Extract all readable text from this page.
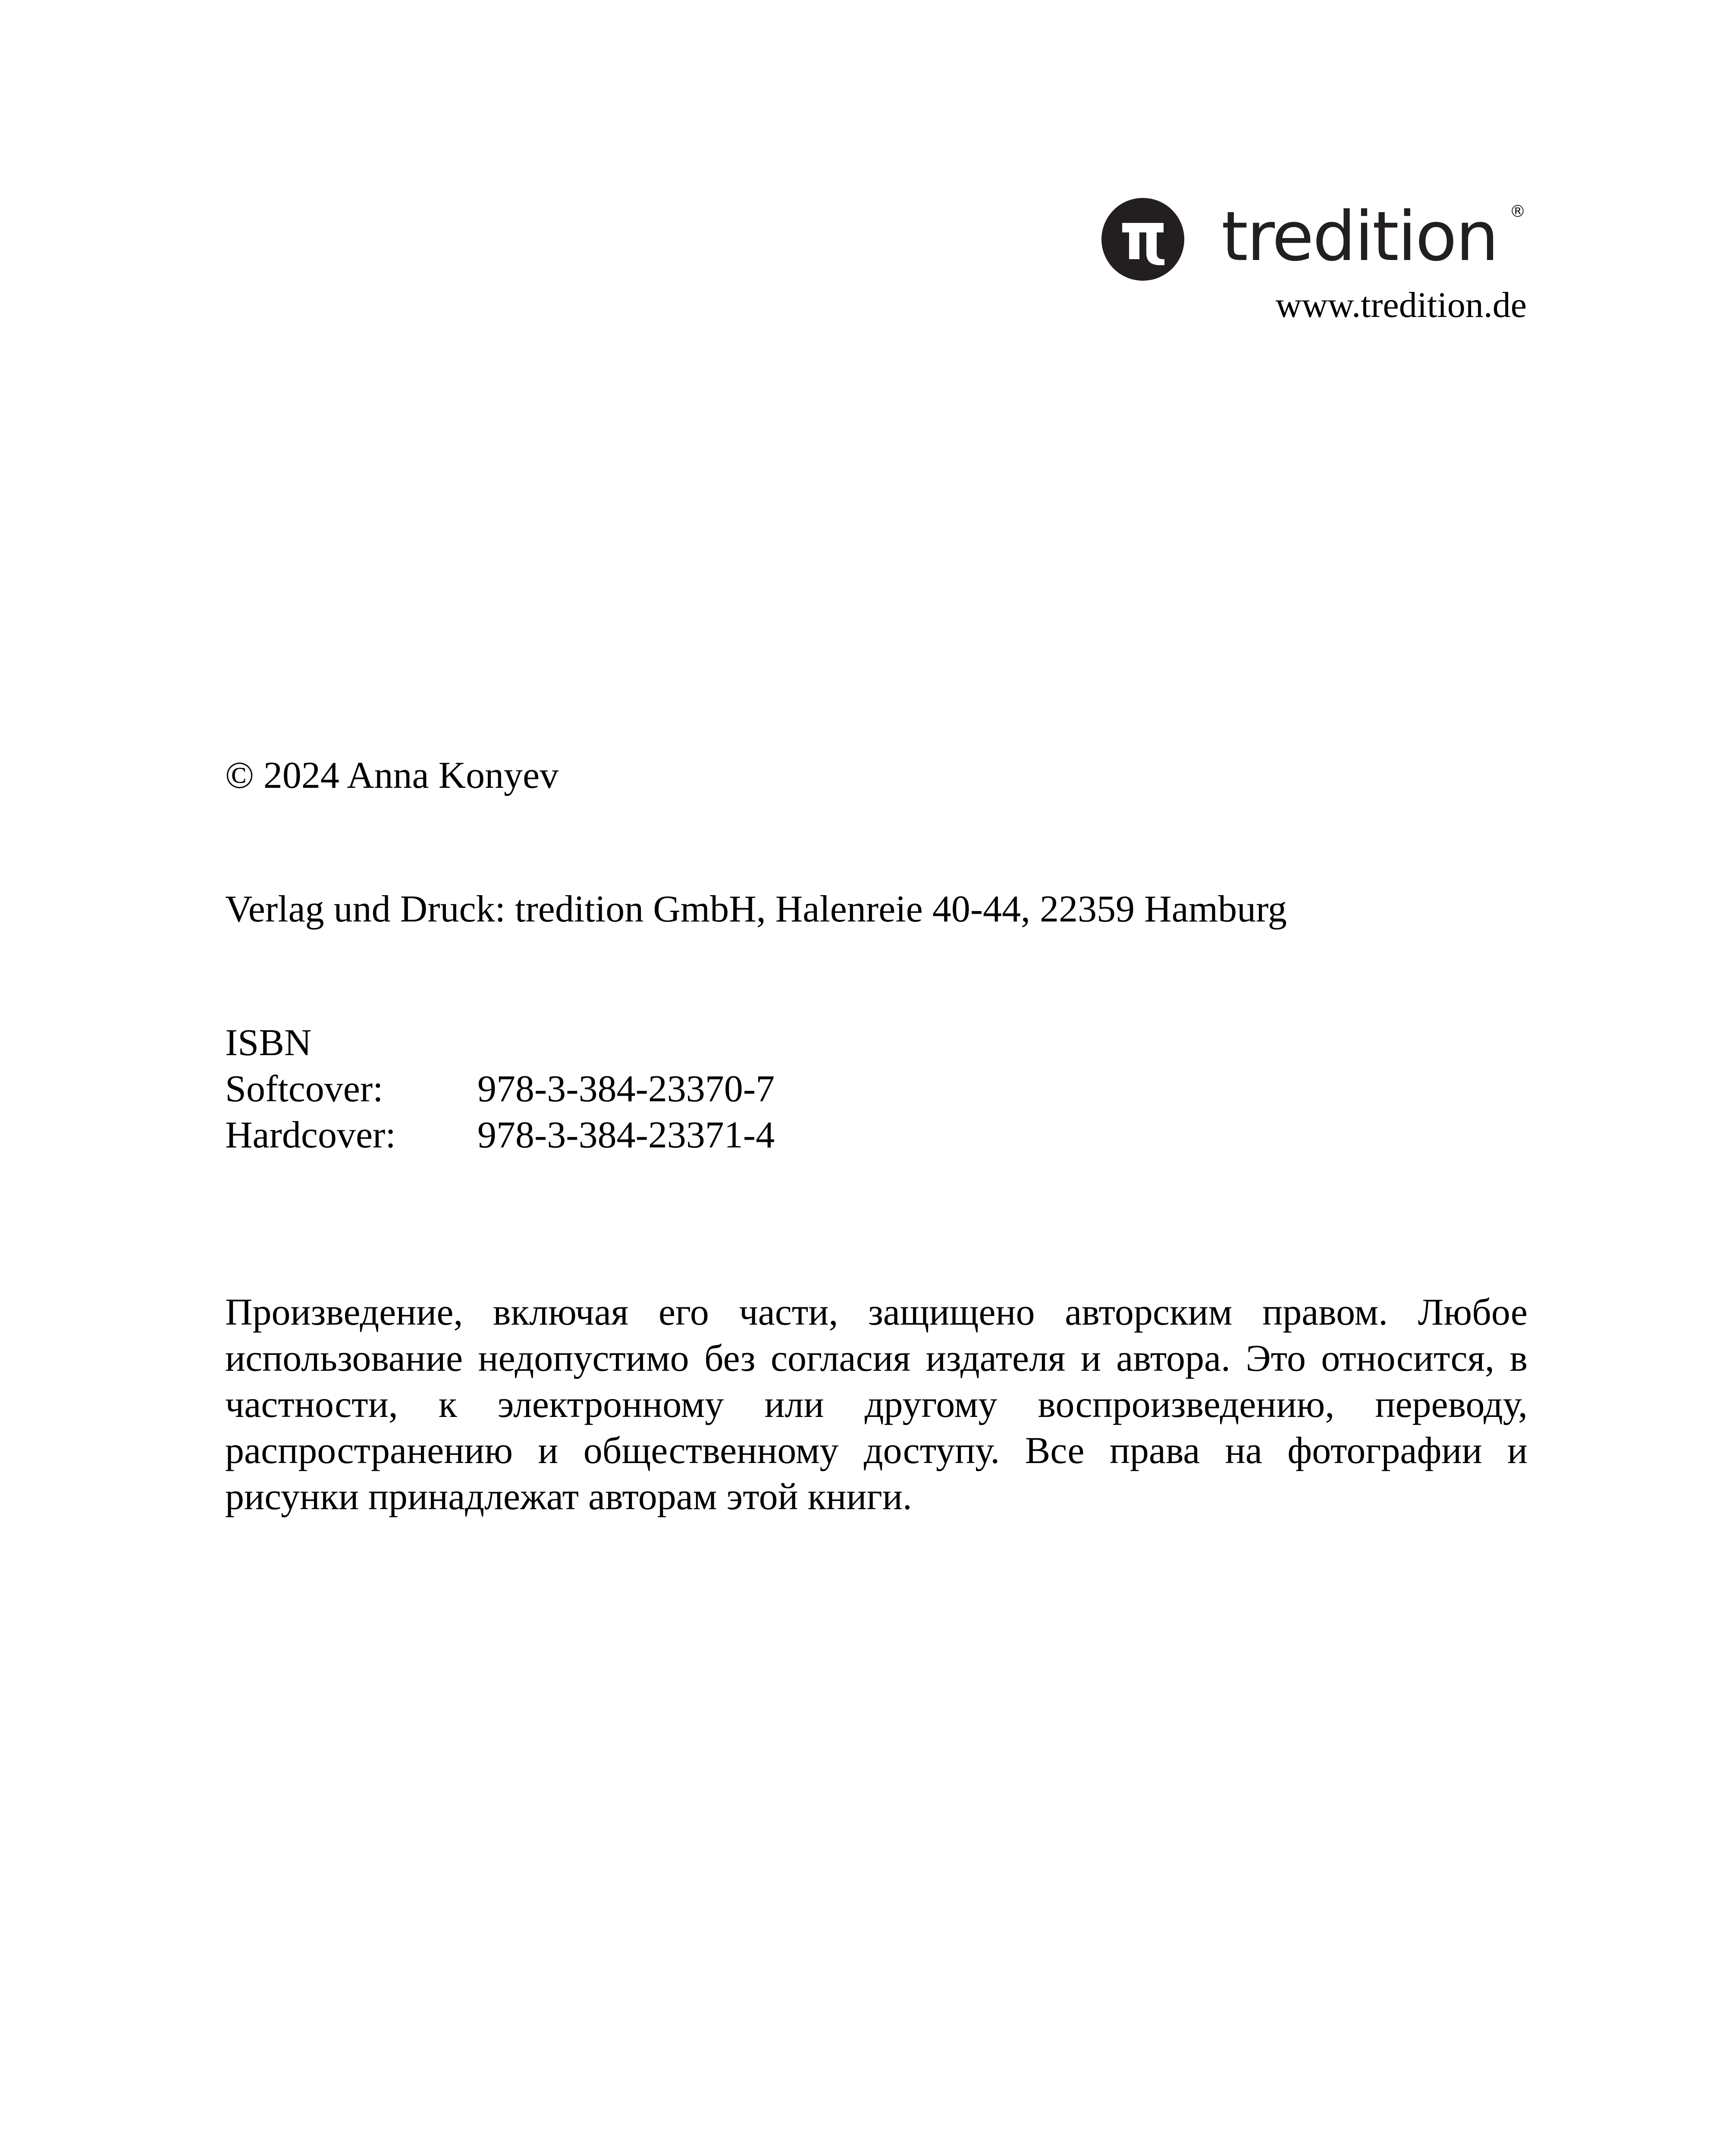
tredition ®
www.tredition.de
© 2024 Anna Konyev
Verlag und Druck: tredition GmbH, Halenreie 40-44, 22359 Hamburg
ISBN
Softcover: 978-3-384-23370-7
Hardcover: 978-3-384-23371-4

Произведение, включая его части, защищено авторским правом. Любое использование недопустимо без согласия издателя и автора. Это относится, в частности, к электронному или другому воспроизведению, переводу, распространению и общественному доступу. Все права на фотографии и рисунки принадлежат авторам этой книги.
